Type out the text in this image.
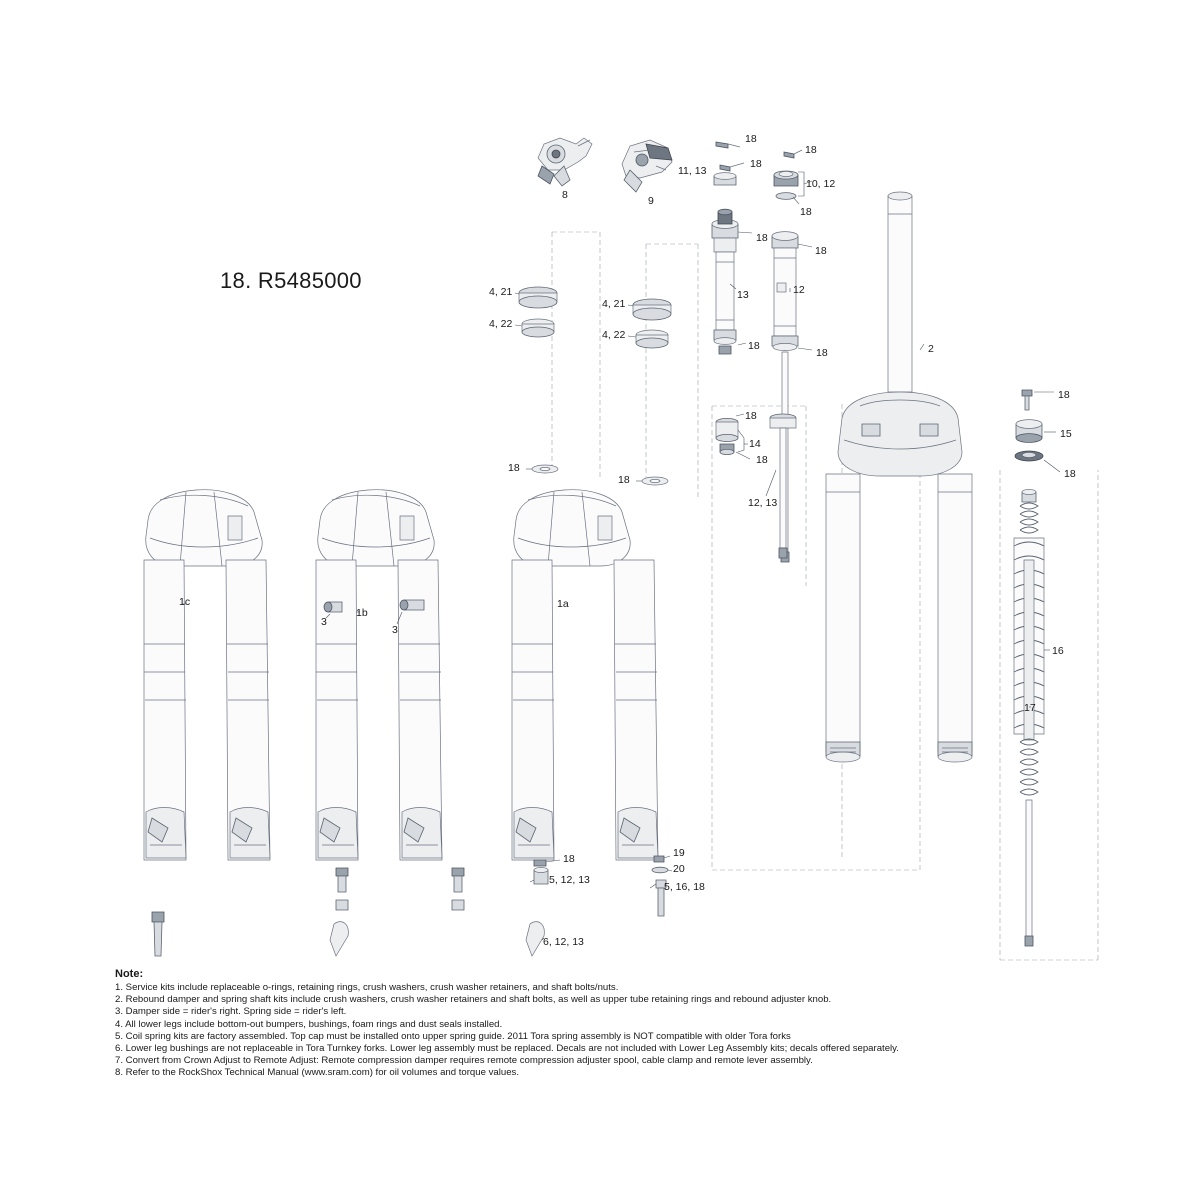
18. R5485000
8	9
11, 13
18
18
18
10, 12
18
18
18
13	12
2
18
18
4, 21
4, 22
4, 21
4, 22
18
18
18
14
18
12, 13
18
15
18
16
17
1c
1b
1a
3
3
18
5, 12, 13
19
20
5, 16, 18
6, 12, 13
Note:
1. Service kits include replaceable o-rings, retaining rings, crush washers, crush washer retainers, and shaft bolts/nuts.
2. Rebound damper and spring shaft kits include crush washers, crush washer retainers and shaft bolts, as well as upper tube retaining rings and rebound adjuster knob.
3. Damper side = rider's right. Spring side = rider's left.
4. All lower legs include bottom-out bumpers, bushings, foam rings and dust seals installed.
5. Coil spring kits are factory assembled. Top cap must be installed onto upper spring guide. 2011 Tora spring assembly is NOT compatible with older Tora forks
6. Lower leg bushings are not replaceable in Tora Turnkey forks. Lower leg assembly must be replaced. Decals are not included with Lower Leg Assembly kits; decals offered separately.
7. Convert from Crown Adjust to Remote Adjust: Remote compression damper requires remote compression adjuster spool, cable clamp and remote lever assembly.
8. Refer to the RockShox Technical Manual (www.sram.com) for oil volumes and torque values.
